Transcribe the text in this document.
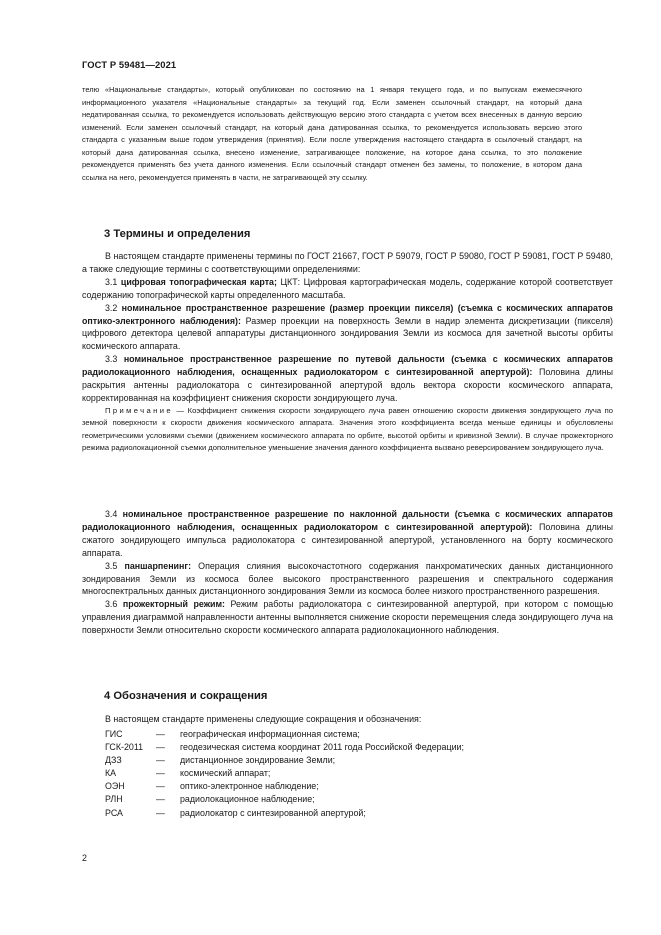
ГОСТ Р 59481—2021

телю «Национальные стандарты», который опубликован по состоянию на 1 января текущего года, и по выпускам ежемесячного информационного указателя «Национальные стандарты» за текущий год. Если заменен ссылочный стандарт, на который дана недатированная ссылка, то рекомендуется использовать действующую версию этого стандарта с учетом всех внесенных в данную версию изменений. Если заменен ссылочный стандарт, на который дана датированная ссылка, то рекомендуется использовать версию этого стандарта с указанным выше годом утверждения (принятия). Если после утверждения настоящего стандарта в ссылочный стандарт, на который дана датированная ссылка, внесено изменение, затрагивающее положение, на которое дана ссылка, то это положение рекомендуется применять без учета данного изменения. Если ссылочный стандарт отменен без замены, то положение, в котором дана ссылка на него, рекомендуется применять в части, не затрагивающей эту ссылку.

3 Термины и определения

В настоящем стандарте применены термины по ГОСТ 21667, ГОСТ Р 59079, ГОСТ Р 59080, ГОСТ Р 59081, ГОСТ Р 59480, а также следующие термины с соответствующими определениями:

3.1 цифровая топографическая карта; ЦКТ: Цифровая картографическая модель, содержание которой соответствует содержанию топографической карты определенного масштаба.

3.2 номинальное пространственное разрешение (размер проекции пикселя) (съемка с космических аппаратов оптико-электронного наблюдения): Размер проекции на поверхность Земли в надир элемента дискретизации (пикселя) цифрового детектора целевой аппаратуры дистанционного зондирования Земли из космоса для зачетной высоты орбиты космического аппарата.

3.3 номинальное пространственное разрешение по путевой дальности (съемка с космических аппаратов радиолокационного наблюдения, оснащенных радиолокатором с синтезированной апертурой): Половина длины раскрытия антенны радиолокатора с синтезированной апертурой вдоль вектора скорости космического аппарата, корректированная на коэффициент снижения скорости зондирующего луча.

Примечание — Коэффициент снижения скорости зондирующего луча равен отношению скорости движения зондирующего луча по земной поверхности к скорости движения космического аппарата. Значения этого коэффициента всегда меньше единицы и обусловлены геометрическими условиями съемки (движением космического аппарата по орбите, высотой орбиты и кривизной Земли). В случае прожекторного режима радиолокационной съемки дополнительное уменьшение значения данного коэффициента вызвано реверсированием зондирующего луча.

3.4 номинальное пространственное разрешение по наклонной дальности (съемка с космических аппаратов радиолокационного наблюдения, оснащенных радиолокатором с синтезированной апертурой): Половина длины сжатого зондирующего импульса радиолокатора с синтезированной апертурой, установленного на борту космического аппарата.

3.5 паншарпенинг: Операция слияния высокочастотного содержания панхроматических данных дистанционного зондирования Земли из космоса более высокого пространственного разрешения и спектрального содержания многоспектральных данных дистанционного зондирования Земли из космоса более низкого пространственного разрешения.

3.6 прожекторный режим: Режим работы радиолокатора с синтезированной апертурой, при котором с помощью управления диаграммой направленности антенны выполняется снижение скорости перемещения следа зондирующего луча на поверхности Земли относительно скорости космического аппарата радиолокационного наблюдения.

4 Обозначения и сокращения
В настоящем стандарте применены следующие сокращения и обозначения:
ГИС	—	географическая информационная система;
ГСК-2011	—	геодезическая система координат 2011 года Российской Федерации;
ДЗЗ	—	дистанционное зондирование Земли;
КА	—	космический аппарат;
ОЭН	—	оптико-электронное наблюдение;
РЛН	—	радиолокационное наблюдение;
РСА	—	радиолокатор с синтезированной апертурой;
2
